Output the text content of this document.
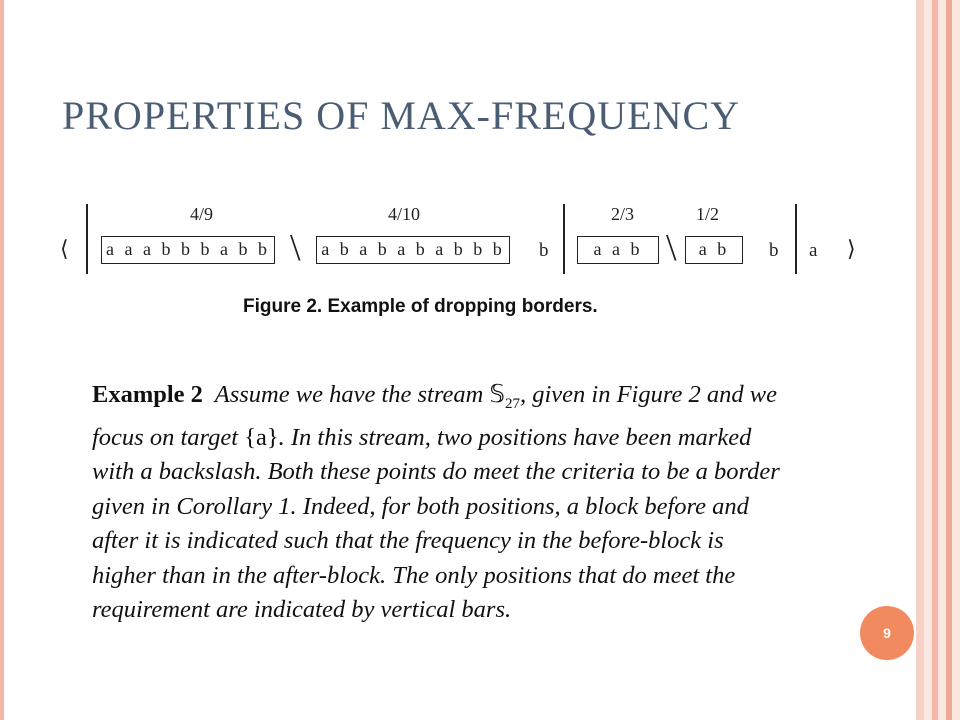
PROPERTIES OF MAX-FREQUENCY
⟨
4/9
a a a b b b a b b \
4/10
a b a b a b a b b b b
2/3
a a b \
1/2
a b	b a ⟩
Figure 2. Example of dropping borders.

Example 2 Assume we have the stream 𝕊$_{27}$, given in Figure 2 and we focus on target {a}. In this stream, two positions have been marked with a backslash. Both these points do meet the criteria to be a border given in Corollary 1. Indeed, for both positions, a block before and after it is indicated such that the frequency in the before-block is higher than in the after-block. The only positions that do meet the requirement are indicated by vertical bars.

9
